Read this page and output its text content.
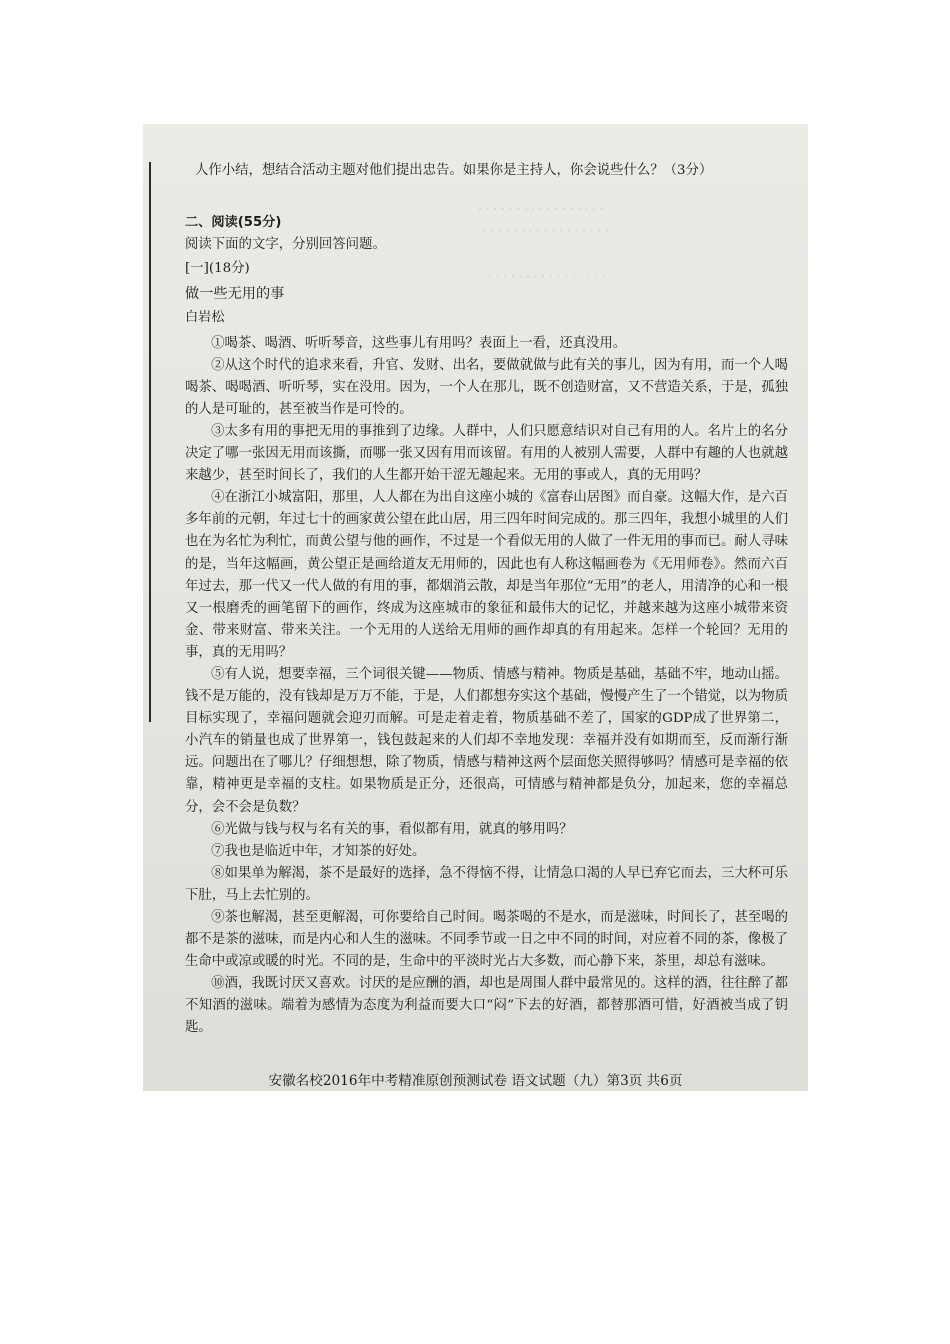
· · · · · · · · · · · · · · · · ·
· · · · · · · · · · · · · · · · ·
· · · · · · · · · · · · · · · ·

人作小结，想结合活动主题对他们提出忠告。如果你是主持人，你会说些什么？（3分）

二、阅读(55分)

阅读下面的文字，分别回答问题。

[一](18分)

做一些无用的事

白岩松

①喝茶、喝酒、听听琴音，这些事儿有用吗？表面上一看，还真没用。

②从这个时代的追求来看，升官、发财、出名，要做就做与此有关的事儿，因为有用，而一个人喝喝茶、喝喝酒、听听琴，实在没用。因为，一个人在那儿，既不创造财富，又不营造关系，于是，孤独的人是可耻的，甚至被当作是可怜的。

③太多有用的事把无用的事推到了边缘。人群中，人们只愿意结识对自己有用的人。名片上的名分决定了哪一张因无用而该撕，而哪一张又因有用而该留。有用的人被别人需要，人群中有趣的人也就越来越少，甚至时间长了，我们的人生都开始干涩无趣起来。无用的事或人，真的无用吗？

④在浙江小城富阳，那里，人人都在为出自这座小城的《富春山居图》而自豪。这幅大作，是六百多年前的元朝，年过七十的画家黄公望在此山居，用三四年时间完成的。那三四年，我想小城里的人们也在为名忙为利忙，而黄公望与他的画作，不过是一个看似无用的人做了一件无用的事而已。耐人寻味的是，当年这幅画，黄公望正是画给道友无用师的，因此也有人称这幅画卷为《无用师卷》。然而六百年过去，那一代又一代人做的有用的事，都烟消云散，却是当年那位“无用”的老人，用清净的心和一根又一根磨秃的画笔留下的画作，终成为这座城市的象征和最伟大的记忆，并越来越为这座小城带来资金、带来财富、带来关注。一个无用的人送给无用师的画作却真的有用起来。怎样一个轮回？无用的事，真的无用吗？

⑤有人说，想要幸福，三个词很关键——物质、情感与精神。物质是基础，基础不牢，地动山摇。钱不是万能的，没有钱却是万万不能，于是，人们都想夯实这个基础，慢慢产生了一个错觉，以为物质目标实现了，幸福问题就会迎刃而解。可是走着走着，物质基础不差了，国家的GDP成了世界第二，小汽车的销量也成了世界第一，钱包鼓起来的人们却不幸地发现：幸福并没有如期而至，反而渐行渐远。问题出在了哪儿？仔细想想，除了物质，情感与精神这两个层面您关照得够吗？情感可是幸福的依靠，精神更是幸福的支柱。如果物质是正分，还很高，可情感与精神都是负分，加起来，您的幸福总分，会不会是负数？

⑥光做与钱与权与名有关的事，看似都有用，就真的够用吗？

⑦我也是临近中年，才知茶的好处。

⑧如果单为解渴，茶不是最好的选择，急不得恼不得，让情急口渴的人早已弃它而去，三大杯可乐下肚，马上去忙别的。

⑨茶也解渴，甚至更解渴，可你要给自己时间。喝茶喝的不是水，而是滋味，时间长了，甚至喝的都不是茶的滋味，而是内心和人生的滋味。不同季节或一日之中不同的时间，对应着不同的茶，像极了生命中或凉或暖的时光。不同的是，生命中的平淡时光占大多数，而心静下来，茶里，却总有滋味。

⑩酒，我既讨厌又喜欢。讨厌的是应酬的酒，却也是周围人群中最常见的。这样的酒，往往醉了都不知酒的滋味。端着为感情为态度为利益而要大口“闷”下去的好酒，都替那酒可惜，好酒被当成了钥匙。

安徽名校2016年中考精准原创预测试卷 语文试题（九）第3页 共6页
